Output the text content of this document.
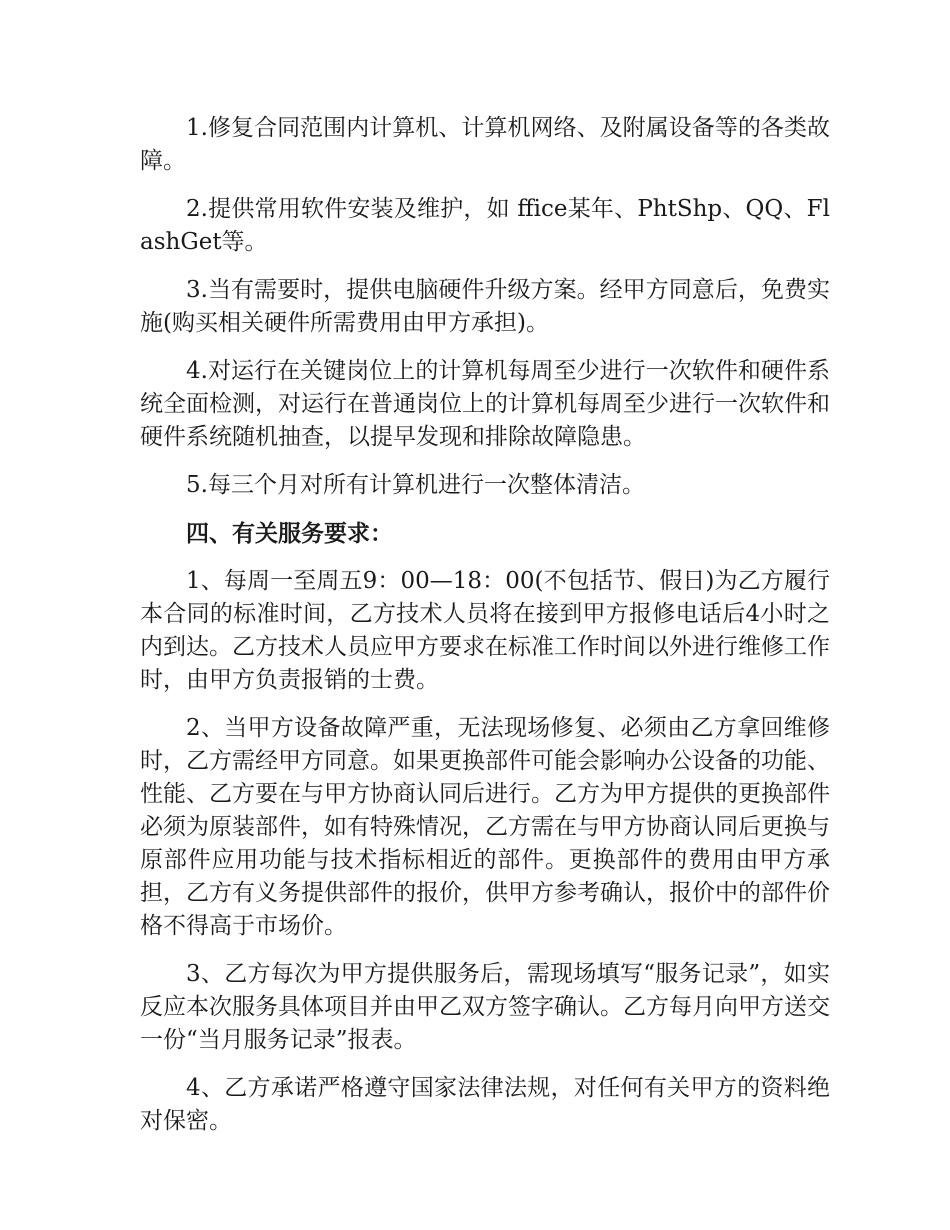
1.修复合同范围内计算机、计算机网络、及附属设备等的各类故障。

2.提供常用软件安装及维护，如 ffice某年、PhtShp、QQ、FlashGet等。

3.当有需要时，提供电脑硬件升级方案。经甲方同意后，免费实施(购买相关硬件所需费用由甲方承担)。

4.对运行在关键岗位上的计算机每周至少进行一次软件和硬件系统全面检测，对运行在普通岗位上的计算机每周至少进行一次软件和硬件系统随机抽查，以提早发现和排除故障隐患。

5.每三个月对所有计算机进行一次整体清洁。

四、有关服务要求：

1、每周一至周五9：00—18：00(不包括节、假日)为乙方履行本合同的标准时间，乙方技术人员将在接到甲方报修电话后4小时之内到达。乙方技术人员应甲方要求在标准工作时间以外进行维修工作时，由甲方负责报销的士费。

2、当甲方设备故障严重，无法现场修复、必须由乙方拿回维修时，乙方需经甲方同意。如果更换部件可能会影响办公设备的功能、性能、乙方要在与甲方协商认同后进行。乙方为甲方提供的更换部件必须为原装部件，如有特殊情况，乙方需在与甲方协商认同后更换与原部件应用功能与技术指标相近的部件。更换部件的费用由甲方承担，乙方有义务提供部件的报价，供甲方参考确认，报价中的部件价格不得高于市场价。

3、乙方每次为甲方提供服务后，需现场填写“服务记录”，如实反应本次服务具体项目并由甲乙双方签字确认。乙方每月向甲方送交一份“当月服务记录”报表。

4、乙方承诺严格遵守国家法律法规，对任何有关甲方的资料绝对保密。
